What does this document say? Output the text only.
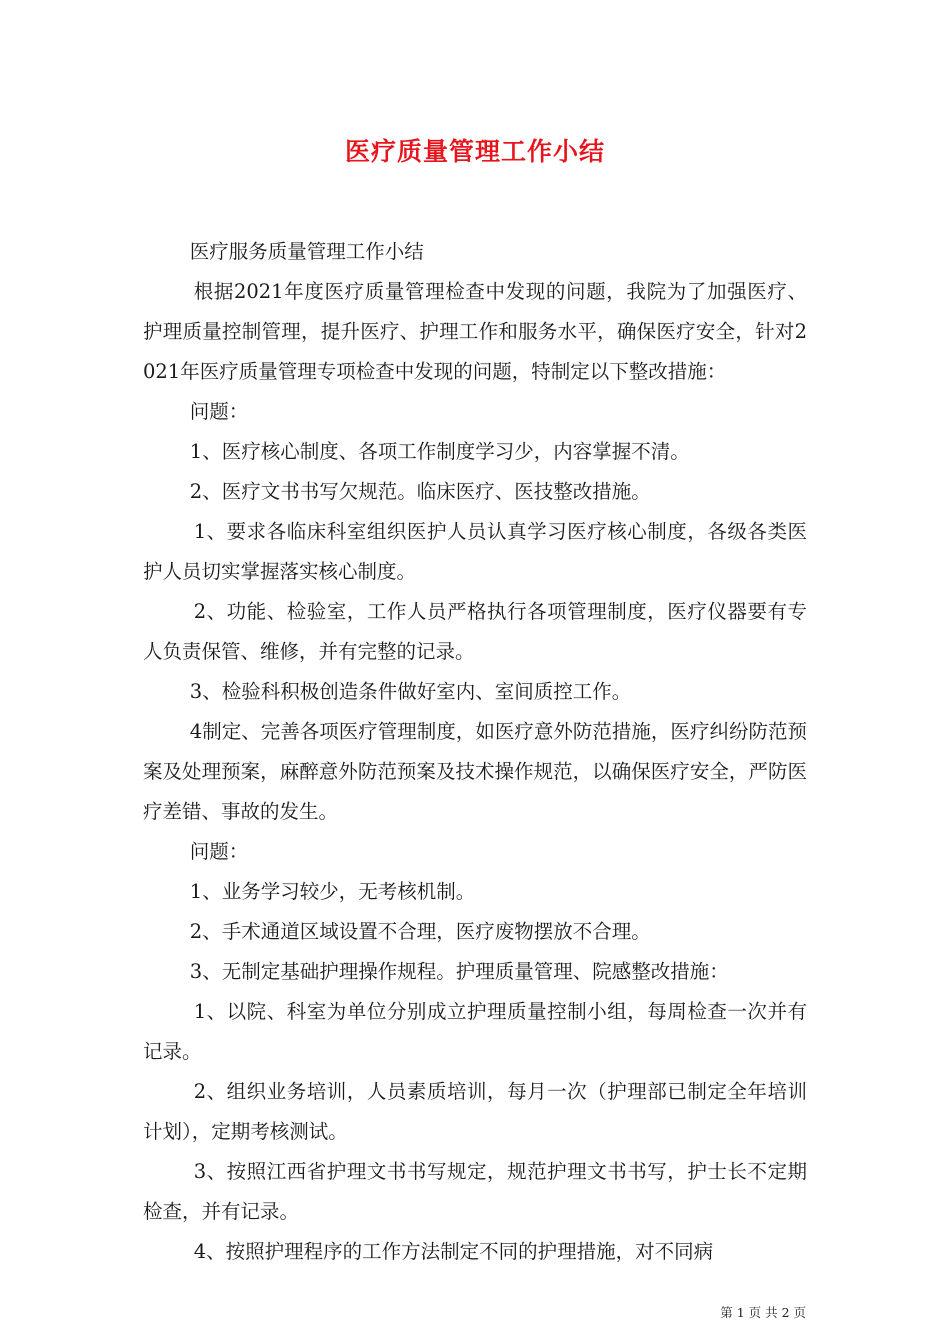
医疗质量管理工作小结

医疗服务质量管理工作小结

根据2021年度医疗质量管理检查中发现的问题，我院为了加强医疗、护理质量控制管理，提升医疗、护理工作和服务水平，确保医疗安全，针对2021年医疗质量管理专项检查中发现的问题，特制定以下整改措施：

问题：

1、医疗核心制度、各项工作制度学习少，内容掌握不清。

2、医疗文书书写欠规范。临床医疗、医技整改措施。

1、要求各临床科室组织医护人员认真学习医疗核心制度，各级各类医护人员切实掌握落实核心制度。

2、功能、检验室，工作人员严格执行各项管理制度，医疗仪器要有专人负责保管、维修，并有完整的记录。

3、检验科积极创造条件做好室内、室间质控工作。

4制定、完善各项医疗管理制度，如医疗意外防范措施，医疗纠纷防范预案及处理预案，麻醉意外防范预案及技术操作规范，以确保医疗安全，严防医疗差错、事故的发生。

问题：

1、业务学习较少，无考核机制。

2、手术通道区域设置不合理，医疗废物摆放不合理。

3、无制定基础护理操作规程。护理质量管理、院感整改措施：

1、以院、科室为单位分别成立护理质量控制小组，每周检查一次并有记录。

2、组织业务培训，人员素质培训，每月一次（护理部已制定全年培训计划），定期考核测试。

3、按照江西省护理文书书写规定，规范护理文书书写，护士长不定期检查，并有记录。

4、按照护理程序的工作方法制定不同的护理措施，对不同病

第 1 页 共 2 页
